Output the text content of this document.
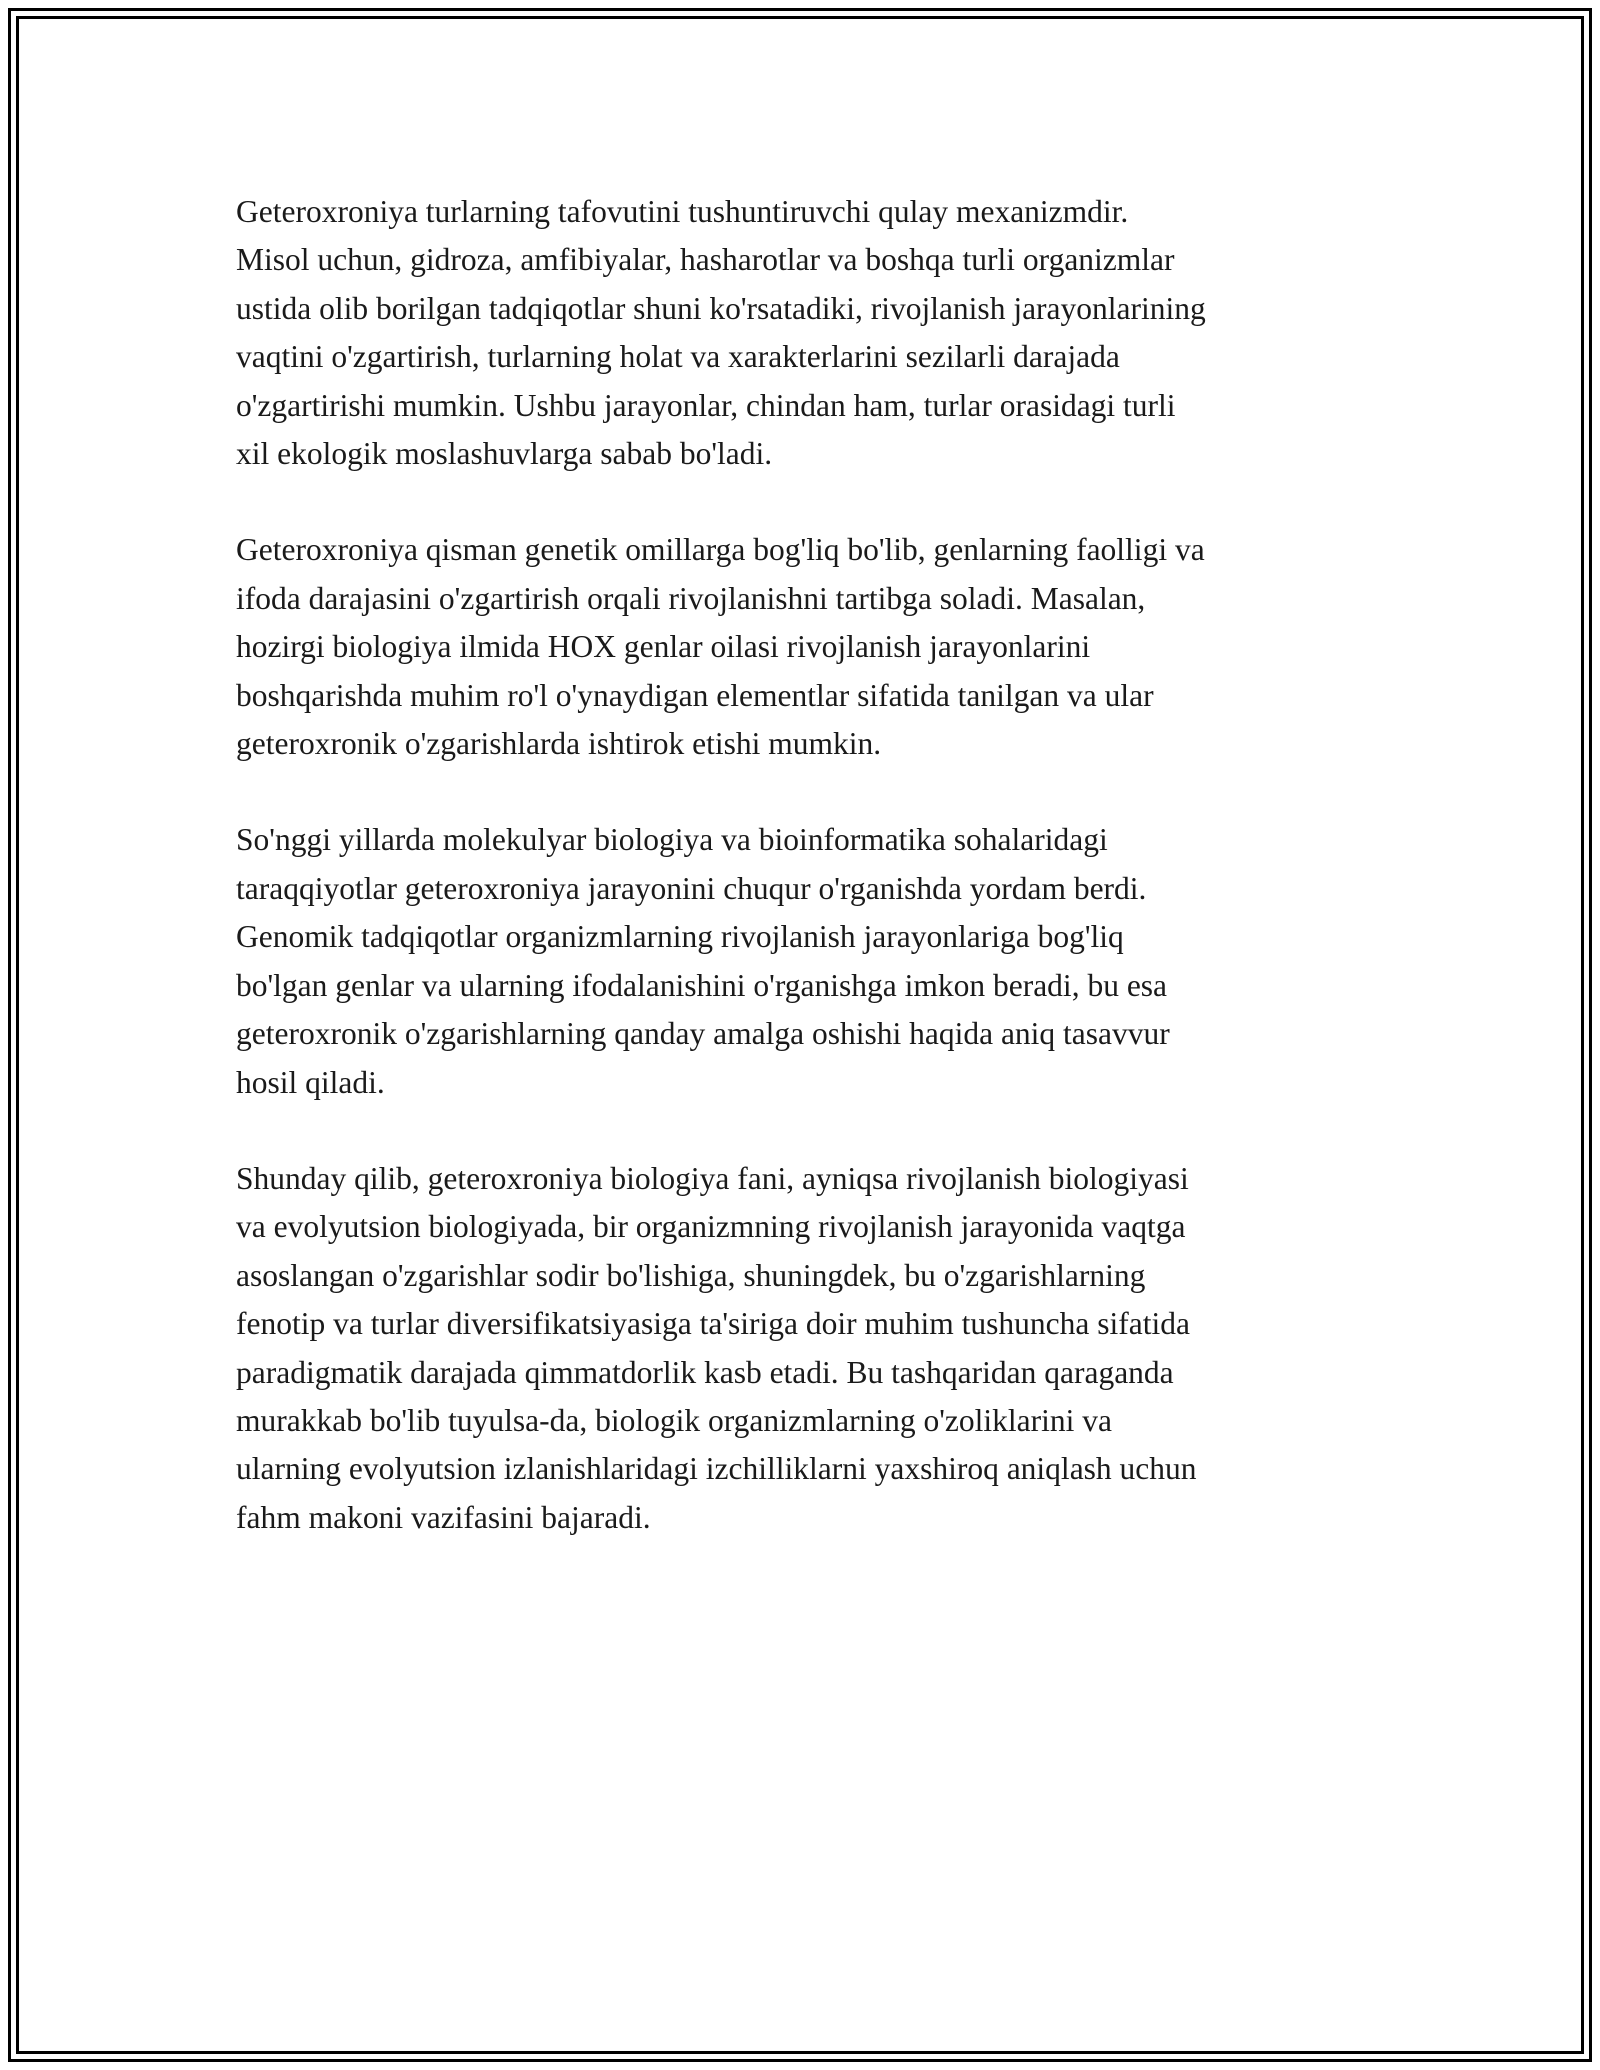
Geteroxroniya turlarning tafovutini tushuntiruvchi qulay mexanizmdir.
Misol uchun, gidroza, amfibiyalar, hasharotlar va boshqa turli organizmlar
ustida olib borilgan tadqiqotlar shuni ko'rsatadiki, rivojlanish jarayonlarining
vaqtini o'zgartirish, turlarning holat va xarakterlarini sezilarli darajada
o'zgartirishi mumkin. Ushbu jarayonlar, chindan ham, turlar orasidagi turli
xil ekologik moslashuvlarga sabab bo'ladi.

Geteroxroniya qisman genetik omillarga bog'liq bo'lib, genlarning faolligi va
ifoda darajasini o'zgartirish orqali rivojlanishni tartibga soladi. Masalan,
hozirgi biologiya ilmida HOX genlar oilasi rivojlanish jarayonlarini
boshqarishda muhim ro'l o'ynaydigan elementlar sifatida tanilgan va ular
geteroxronik o'zgarishlarda ishtirok etishi mumkin.

So'nggi yillarda molekulyar biologiya va bioinformatika sohalaridagi
taraqqiyotlar geteroxroniya jarayonini chuqur o'rganishda yordam berdi.
Genomik tadqiqotlar organizmlarning rivojlanish jarayonlariga bog'liq
bo'lgan genlar va ularning ifodalanishini o'rganishga imkon beradi, bu esa
geteroxronik o'zgarishlarning qanday amalga oshishi haqida aniq tasavvur
hosil qiladi.

Shunday qilib, geteroxroniya biologiya fani, ayniqsa rivojlanish biologiyasi
va evolyutsion biologiyada, bir organizmning rivojlanish jarayonida vaqtga
asoslangan o'zgarishlar sodir bo'lishiga, shuningdek, bu o'zgarishlarning
fenotip va turlar diversifikatsiyasiga ta'siriga doir muhim tushuncha sifatida
paradigmatik darajada qimmatdorlik kasb etadi. Bu tashqaridan qaraganda
murakkab bo'lib tuyulsa-da, biologik organizmlarning o'zoliklarini va
ularning evolyutsion izlanishlaridagi izchilliklarni yaxshiroq aniqlash uchun
fahm makoni vazifasini bajaradi.
